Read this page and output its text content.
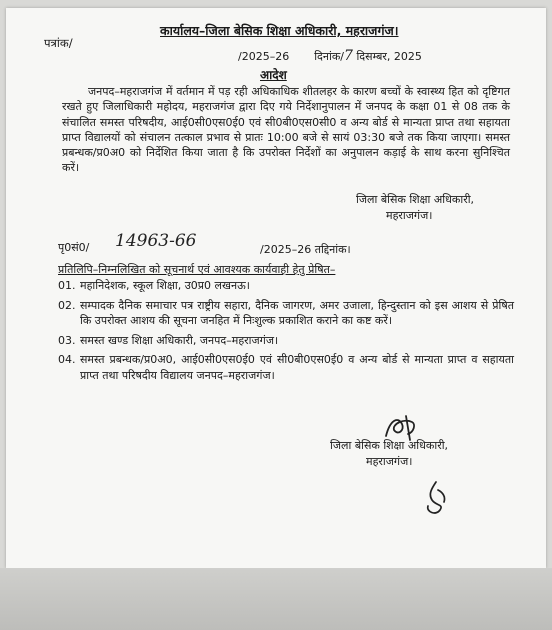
कार्यालय–जिला बेसिक शिक्षा अधिकारी, महराजगंज।
पत्रांक/
/2025–26 दिनांक/7 दिसम्बर, 2025
आदेश
जनपद–महराजगंज में वर्तमान में पड़ रही अधिकाधिक शीतलहर के कारण बच्चों के स्वास्थ्य हित को दृष्टिगत रखते हुए जिलाधिकारी महोदय, महराजगंज द्वारा दिए गये निर्देशानुपालन में जनपद के कक्षा 01 से 08 तक के संचालित समस्त परिषदीय, आई0सी0एस0ई0 एवं सी0बी0एस0सी0 व अन्य बोर्ड से मान्यता प्राप्त तथा सहायता प्राप्त विद्यालयों को संचालन तत्काल प्रभाव से प्रातः 10:00 बजे से सायं 03:30 बजे तक किया जाएगा। समस्त प्रबन्धक/प्र0अ0 को निर्देशित किया जाता है कि उपरोक्त निर्देशों का अनुपालन कड़ाई के साथ करना सुनिश्चित करें।
जिला बेसिक शिक्षा अधिकारी,
महराजगंज।
पृ0सं0/ 14963-66	/2025–26 तद्दिनांक।
प्रतिलिपि–निम्नलिखित को सूचनार्थ एवं आवश्यक कार्यवाही हेतु प्रेषित–
01. महानिदेशक, स्कूल शिक्षा, उ0प्र0 लखनऊ।
02. सम्पादक दैनिक समाचार पत्र राष्ट्रीय सहारा, दैनिक जागरण, अमर उजाला, हिन्दुस्तान को इस आशय से प्रेषित कि उपरोक्त आशय की सूचना जनहित में निःशुल्क प्रकाशित कराने का कष्ट करें।
03. समस्त खण्ड शिक्षा अधिकारी, जनपद–महराजगंज।
04. समस्त प्रबन्धक/प्र0अ0, आई0सी0एस0ई0 एवं सी0बी0एस0ई0 व अन्य बोर्ड से मान्यता प्राप्त व सहायता प्राप्त तथा परिषदीय विद्यालय जनपद–महराजगंज।
जिला बेसिक शिक्षा अधिकारी,
महराजगंज।
